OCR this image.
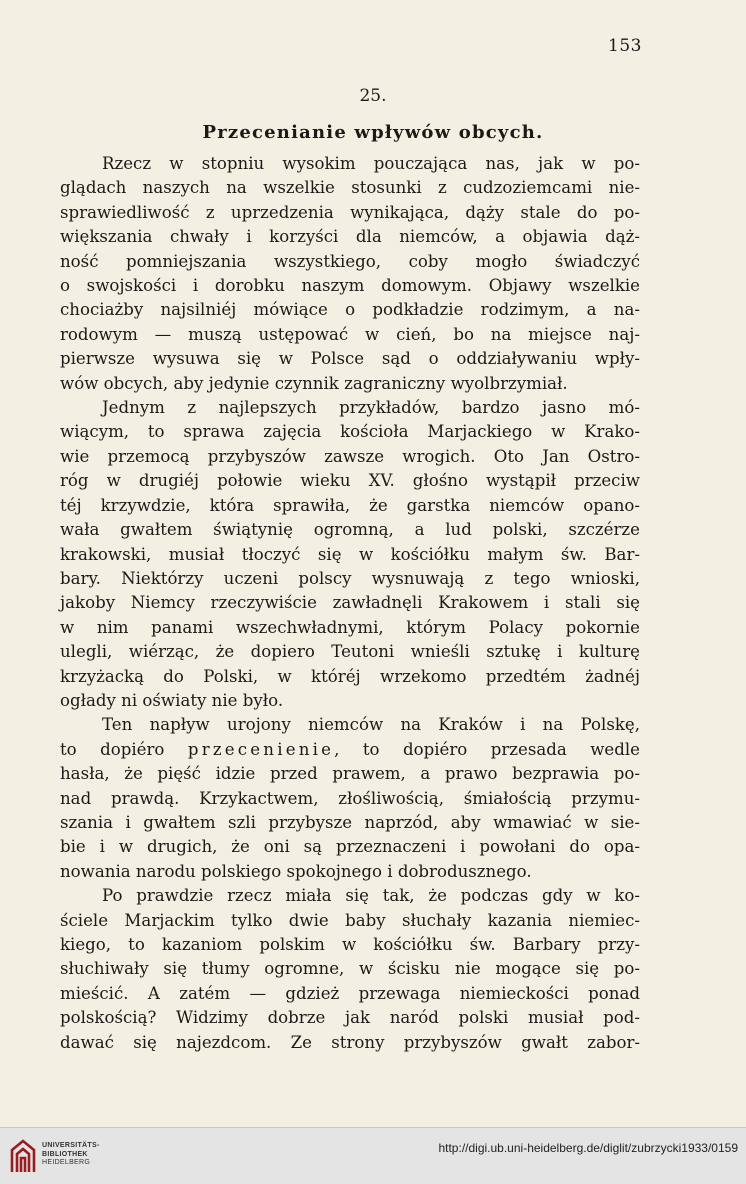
153
25.
Przecenianie wpływów obcych.

Rzecz w stopniu wysokim pouczająca nas, jak w po-
glądach naszych na wszelkie stosunki z cudzoziemcami nie-
sprawiedliwość z uprzedzenia wynikająca, dąży stale do po-
większania chwały i korzyści dla niemców, a objawia dąż-
ność pomniejszania wszystkiego, coby mogło świadczyć
o swojskości i dorobku naszym domowym. Objawy wszelkie
chociażby najsilniéj mówiące o podkładzie rodzimym, a na-
rodowym — muszą ustępować w cień, bo na miejsce naj-
pierwsze wysuwa się w Polsce sąd o oddziaływaniu wpły-
wów obcych, aby jedynie czynnik zagraniczny wyolbrzymiał.

Jednym z najlepszych przykładów, bardzo jasno mó-
wiącym, to sprawa zajęcia kościoła Marjackiego w Krako-
wie przemocą przybyszów zawsze wrogich. Oto Jan Ostro-
róg w drugiéj połowie wieku XV. głośno wystąpił przeciw
téj krzywdzie, która sprawiła, że garstka niemców opano-
wała gwałtem świątynię ogromną, a lud polski, szczérze
krakowski, musiał tłoczyć się w kościółku małym św. Bar-
bary. Niektórzy uczeni polscy wysnuwają z tego wnioski,
jakoby Niemcy rzeczywiście zawładnęli Krakowem i stali się
w nim panami wszechwładnymi, którym Polacy pokornie
ulegli, wiérząc, że dopiero Teutoni wnieśli sztukę i kulturę
krzyżacką do Polski, w któréj wrzekomo przedtém żadnéj
ogłady ni oświaty nie było.

Ten napływ urojony niemców na Kraków i na Polskę,
to dopiéro przecenienie, to dopiéro przesada wedle
hasła, że pięść idzie przed prawem, a prawo bezprawia po-
nad prawdą. Krzykactwem, złośliwością, śmiałością przymu-
szania i gwałtem szli przybysze naprzód, aby wmawiać w sie-
bie i w drugich, że oni są przeznaczeni i powołani do opa-
nowania narodu polskiego spokojnego i dobrodusznego.

Po prawdzie rzecz miała się tak, że podczas gdy w ko-
ściele Marjackim tylko dwie baby słuchały kazania niemiec-
kiego, to kazaniom polskim w kościółku św. Barbary przy-
słuchiwały się tłumy ogromne, w ścisku nie mogące się po-
mieścić. A zatém — gdzież przewaga niemieckości ponad
polskością? Widzimy dobrze jak naród polski musiał pod-
dawać się najezdcom. Ze strony przybyszów gwałt zabor-

UNIVERSITÄTS-
BIBLIOTHEK
HEIDELBERG
http://digi.ub.uni-heidelberg.de/diglit/zubrzycki1933/0159
